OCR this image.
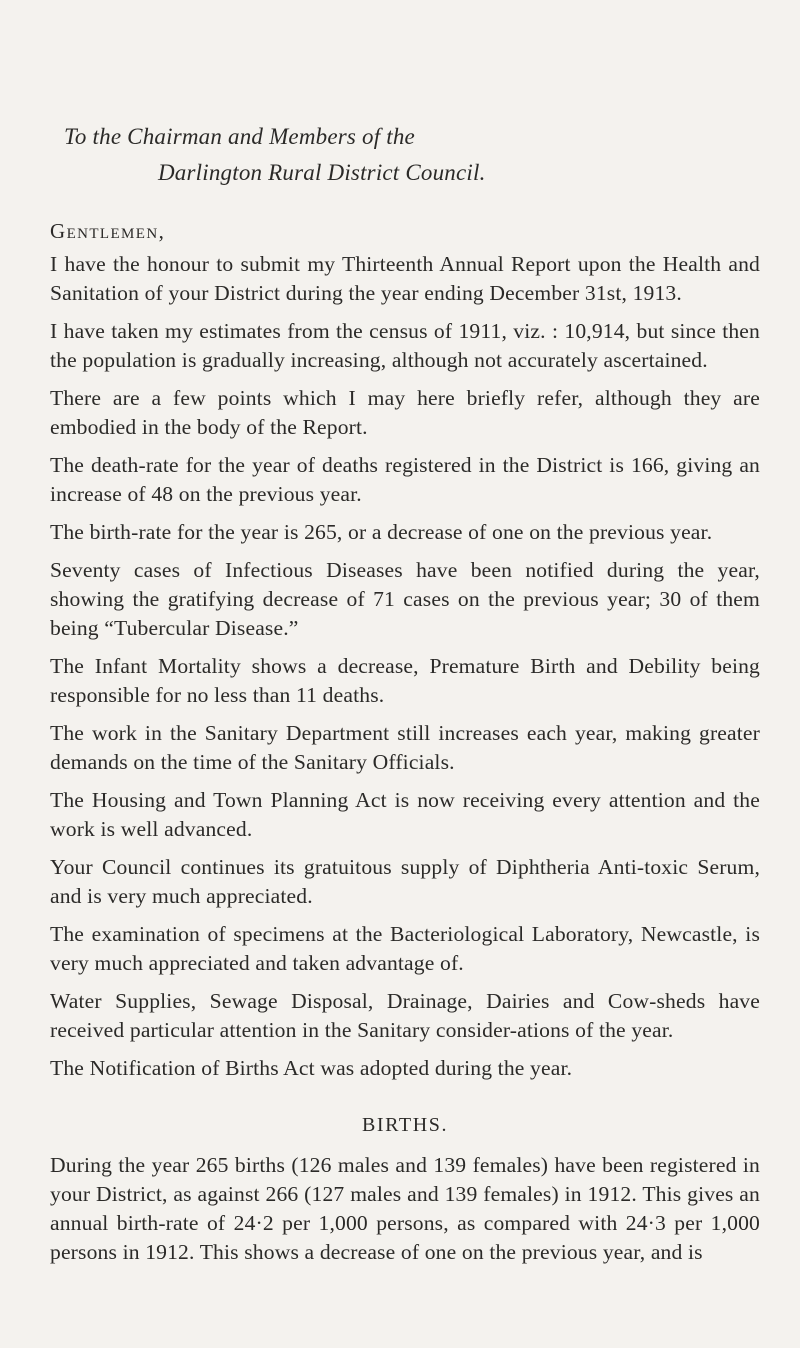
To the Chairman and Members of the
Darlington Rural District Council.
Gentlemen,

I have the honour to submit my Thirteenth Annual Report upon the Health and Sanitation of your District during the year ending December 31st, 1913.

I have taken my estimates from the census of 1911, viz. : 10,914, but since then the population is gradually increasing, although not accurately ascertained.

There are a few points which I may here briefly refer, although they are embodied in the body of the Report.

The death-rate for the year of deaths registered in the District is 166, giving an increase of 48 on the previous year.

The birth-rate for the year is 265, or a decrease of one on the previous year.

Seventy cases of Infectious Diseases have been notified during the year, showing the gratifying decrease of 71 cases on the previous year; 30 of them being “Tubercular Disease.”

The Infant Mortality shows a decrease, Premature Birth and Debility being responsible for no less than 11 deaths.

The work in the Sanitary Department still increases each year, making greater demands on the time of the Sanitary Officials.

The Housing and Town Planning Act is now receiving every attention and the work is well advanced.

Your Council continues its gratuitous supply of Diphtheria Anti-toxic Serum, and is very much appreciated.

The examination of specimens at the Bacteriological Laboratory, Newcastle, is very much appreciated and taken advantage of.

Water Supplies, Sewage Disposal, Drainage, Dairies and Cow-sheds have received particular attention in the Sanitary consider-ations of the year.

The Notification of Births Act was adopted during the year.

BIRTHS.

During the year 265 births (126 males and 139 females) have been registered in your District, as against 266 (127 males and 139 females) in 1912. This gives an annual birth-rate of 24·2 per 1,000 persons, as compared with 24·3 per 1,000 persons in 1912. This shows a decrease of one on the previous year, and is
